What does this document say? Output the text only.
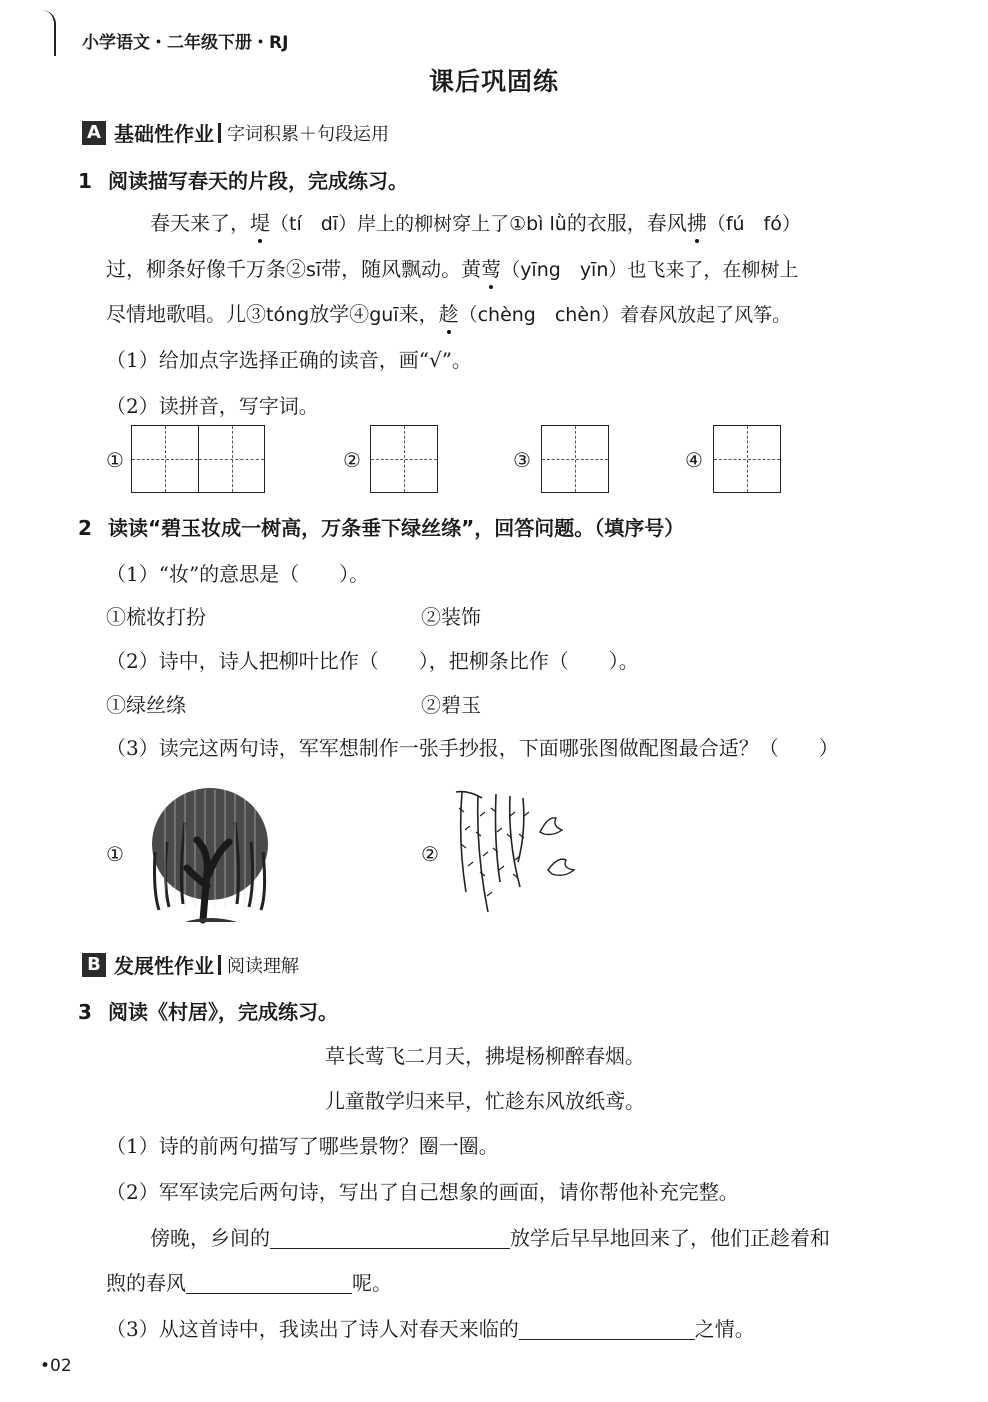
小学语文・二年级下册・RJ
课后巩固练
A 基础性作业 字词积累＋句段运用
1 阅读描写春天的片段，完成练习。
春天来了，堤（tí　dī）岸上的柳树穿上了①bì lǜ的衣服，春风拂（fú　fó）
过，柳条好像千万条②sī带，随风飘动。黄莺（yīng　yīn）也飞来了，在柳树上
尽情地歌唱。儿③tóng放学④guī来，趁（chèng　chèn）着春风放起了风筝。
（1）给加点字选择正确的读音，画“√”。
（2）读拼音，写字词。
①	②	③	④
2 读读“碧玉妆成一树高，万条垂下绿丝绦”，回答问题。（填序号）
（1）“妆”的意思是（　　）。
①梳妆打扮	②装饰
（2）诗中，诗人把柳叶比作（　　），把柳条比作（　　）。
①绿丝绦	②碧玉
（3）读完这两句诗，军军想制作一张手抄报，下面哪张图做配图最合适？（　　）
①	②
B 发展性作业 阅读理解
3 阅读《村居》，完成练习。
草长莺飞二月天，拂堤杨柳醉春烟。
儿童散学归来早，忙趁东风放纸鸢。
（1）诗的前两句描写了哪些景物？圈一圈。
（2）军军读完后两句诗，写出了自己想象的画面，请你帮他补充完整。
傍晚，乡间的	放学后早早地回来了，他们正趁着和
煦的春风	呢。
（3）从这首诗中，我读出了诗人对春天来临的	之情。
•02
